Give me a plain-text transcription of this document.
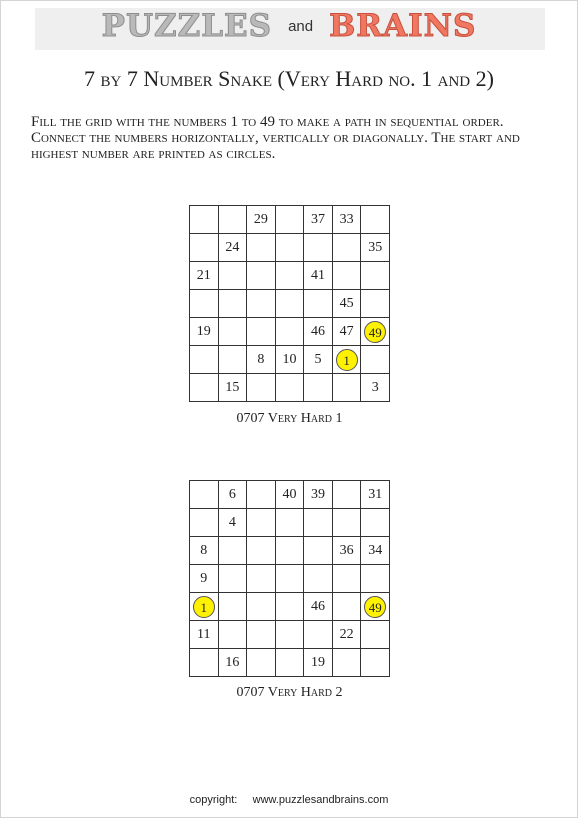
PUZZLES and BRAINS
7 by 7 Number Snake (Very Hard no. 1 and 2)
Fill the grid with the numbers 1 to 49 to make a path in sequential order. Connect the numbers horizontally, vertically or diagonally. The start and highest number are printed as circles.
		29		37	33	
	24					35
21				41		
					45	
19				46	47	49
		8	10	5	1	
	15					3
0707 Very Hard 1
	6		40	39		31
	4					
8					36	34
9						
1				46		49
11					22	
	16			19		
0707 Very Hard 2
copyright: www.puzzlesandbrains.com
